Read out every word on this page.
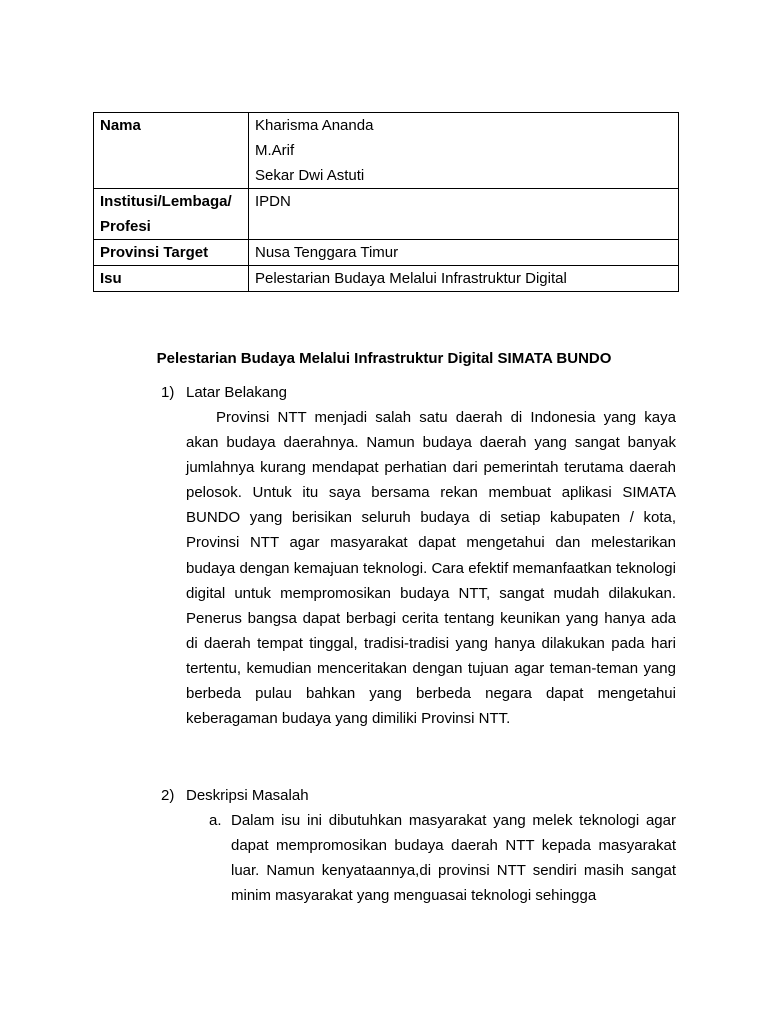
Nama	Kharisma Ananda
M.Arif
Sekar Dwi Astuti

Institusi/Lembaga/
Profesi	IPDN
Provinsi Target	Nusa Tenggara Timur
Isu	Pelestarian Budaya Melalui Infrastruktur Digital
Pelestarian Budaya Melalui Infrastruktur Digital SIMATA BUNDO
1) Latar Belakang
Provinsi NTT menjadi salah satu daerah di Indonesia yang kaya akan budaya daerahnya. Namun budaya daerah yang sangat banyak jumlahnya kurang mendapat perhatian dari pemerintah terutama daerah pelosok. Untuk itu saya bersama rekan membuat aplikasi SIMATA BUNDO yang berisikan seluruh budaya di setiap kabupaten / kota, Provinsi NTT agar masyarakat dapat mengetahui dan melestarikan budaya dengan kemajuan teknologi. Cara efektif memanfaatkan teknologi digital untuk mempromosikan budaya NTT, sangat mudah dilakukan. Penerus bangsa dapat berbagi cerita tentang keunikan yang hanya ada di daerah tempat tinggal, tradisi-tradisi yang hanya dilakukan pada hari tertentu, kemudian menceritakan dengan tujuan agar teman-teman yang berbeda pulau bahkan yang berbeda negara dapat mengetahui keberagaman budaya yang dimiliki Provinsi NTT.
2) Deskripsi Masalah
a. Dalam isu ini dibutuhkan masyarakat yang melek teknologi agar dapat mempromosikan budaya daerah NTT kepada masyarakat luar. Namun kenyataannya,di provinsi NTT sendiri masih sangat minim masyarakat yang menguasai teknologi sehingga
